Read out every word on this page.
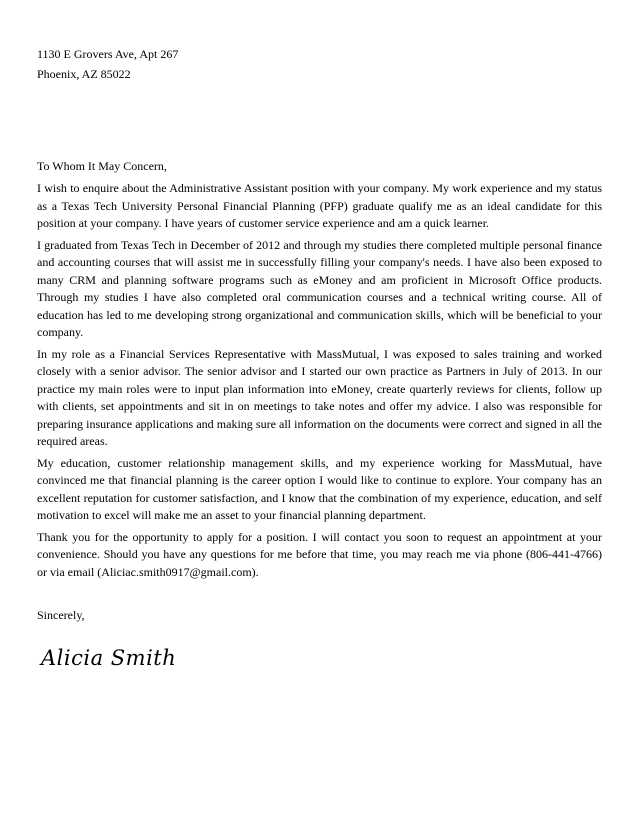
1130 E Grovers Ave, Apt 267
Phoenix, AZ 85022
To Whom It May Concern,

I wish to enquire about the Administrative Assistant position with your company. My work experience and my status as a Texas Tech University Personal Financial Planning (PFP) graduate qualify me as an ideal candidate for this position at your company. I have years of customer service experience and am a quick learner.

I graduated from Texas Tech in December of 2012 and through my studies there completed multiple personal finance and accounting courses that will assist me in successfully filling your company's needs. I have also been exposed to many CRM and planning software programs such as eMoney and am proficient in Microsoft Office products. Through my studies I have also completed oral communication courses and a technical writing course. All of education has led to me developing strong organizational and communication skills, which will be beneficial to your company.

In my role as a Financial Services Representative with MassMutual, I was exposed to sales training and worked closely with a senior advisor. The senior advisor and I started our own practice as Partners in July of 2013. In our practice my main roles were to input plan information into eMoney, create quarterly reviews for clients, follow up with clients, set appointments and sit in on meetings to take notes and offer my advice. I also was responsible for preparing insurance applications and making sure all information on the documents were correct and signed in all the required areas.

My education, customer relationship management skills, and my experience working for MassMutual, have convinced me that financial planning is the career option I would like to continue to explore. Your company has an excellent reputation for customer satisfaction, and I know that the combination of my experience, education, and self motivation to excel will make me an asset to your financial planning department.

Thank you for the opportunity to apply for a position. I will contact you soon to request an appointment at your convenience. Should you have any questions for me before that time, you may reach me via phone (806-441-4766) or via email (Aliciac.smith0917@gmail.com).

Sincerely,
Alicia Smith
